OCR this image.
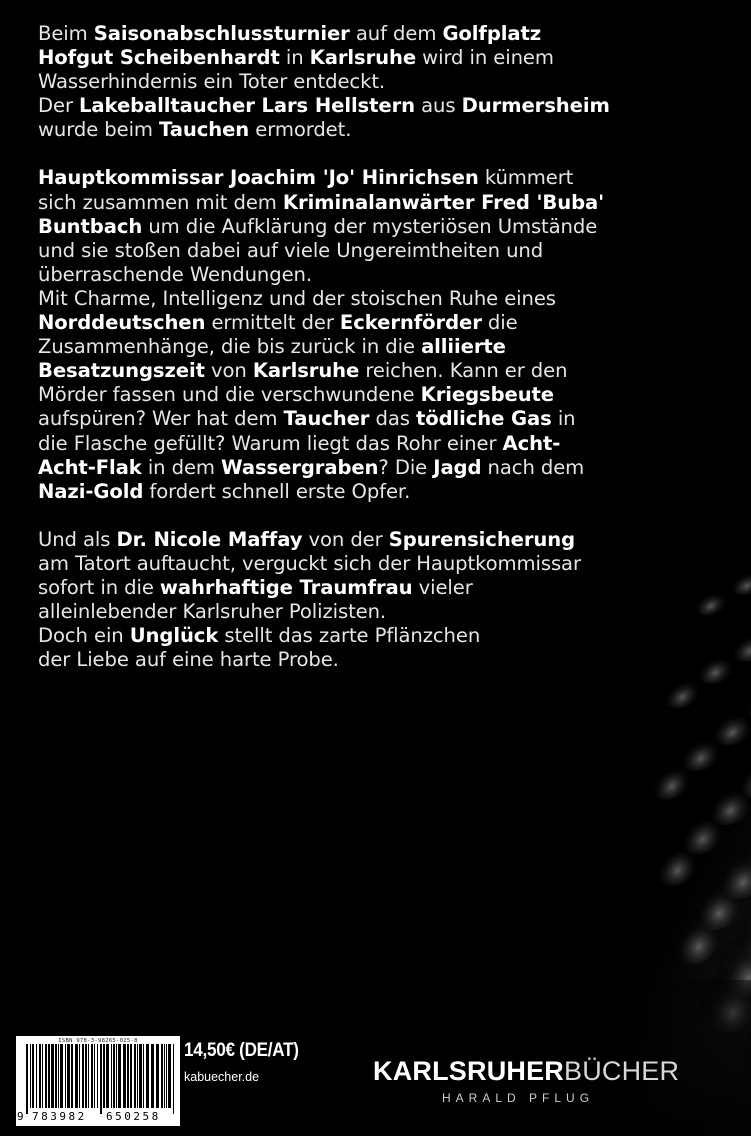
Beim Saisonabschlussturnier auf dem Golfplatz
Hofgut Scheibenhardt in Karlsruhe wird in einem
Wasserhindernis ein Toter entdeckt.
Der Lakeballtaucher Lars Hellstern aus Durmersheim
wurde beim Tauchen ermordet.

Hauptkommissar Joachim 'Jo' Hinrichsen kümmert
sich zusammen mit dem Kriminalanwärter Fred 'Buba'
Buntbach um die Aufklärung der mysteriösen Umstände
und sie stoßen dabei auf viele Ungereimtheiten und
überraschende Wendungen.
Mit Charme, Intelligenz und der stoischen Ruhe eines
Norddeutschen ermittelt der Eckernförder die
Zusammenhänge, die bis zurück in die alliierte
Besatzungszeit von Karlsruhe reichen. Kann er den
Mörder fassen und die verschwundene Kriegsbeute
aufspüren? Wer hat dem Taucher das tödliche Gas in
die Flasche gefüllt? Warum liegt das Rohr einer Acht-
Acht-Flak in dem Wassergraben? Die Jagd nach dem
Nazi-Gold fordert schnell erste Opfer.

Und als Dr. Nicole Maffay von der Spurensicherung
am Tatort auftaucht, verguckt sich der Hauptkommissar
sofort in die wahrhaftige Traumfrau vieler
alleinlebender Karlsruher Polizisten.
Doch ein Unglück stellt das zarte Pflänzchen
der Liebe auf eine harte Probe.

ISBN 978-3-98265-025-8
9 783982 650258
14,50€ (DE/AT)
kabuecher.de	KARLSRUHERBÜCHER
HARALD PFLUG
